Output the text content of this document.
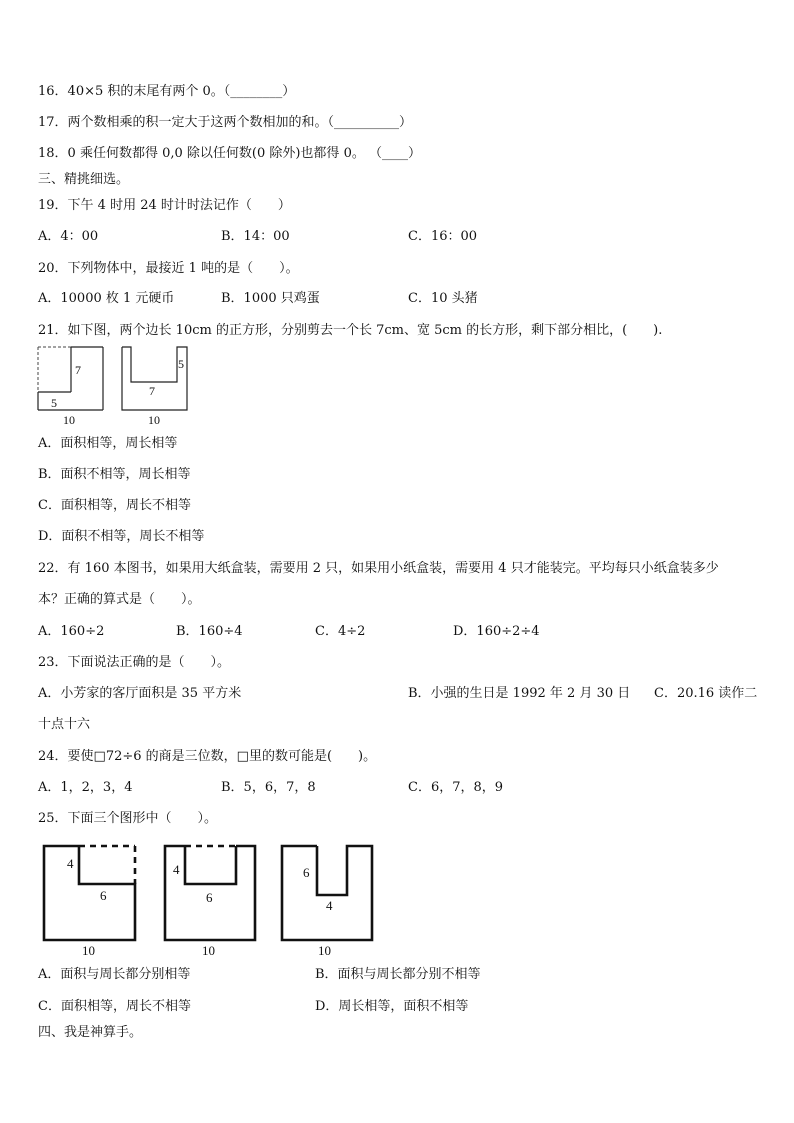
16．40×5 积的末尾有两个 0。（________）
17．两个数相乘的积一定大于这两个数相加的和。（__________）
18．0 乘任何数都得 0,0 除以任何数(0 除外)也都得 0。 （____）
三、精挑细选。
19．下午 4 时用 24 时计时法记作（　　）
A．4：00	B．14：00	C．16：00
20．下列物体中，最接近 1 吨的是（　　）。
A．10000 枚 1 元硬币	B．1000 只鸡蛋	C．10 头猪
21．如下图，两个边长 10cm 的正方形，分别剪去一个长 7cm、宽 5cm 的长方形，剩下部分相比，(　　).
7
5
10
5
7
10
A．面积相等，周长相等
B．面积不相等，周长相等
C．面积相等，周长不相等
D．面积不相等，周长不相等
22．有 160 本图书，如果用大纸盒装，需要用 2 只，如果用小纸盒装，需要用 4 只才能装完。平均每只小纸盒装多少
本？正确的算式是（　　）。
A．160÷2	B．160÷4	C．4÷2	D．160÷2÷4
23．下面说法正确的是（　　）。
A．小芳家的客厅面积是 35 平方米	B．小强的生日是 1992 年 2 月 30 日 C．20.16 读作二
十点十六
24．要使□72÷6 的商是三位数，□里的数可能是(　　)。
A．1，2，3，4	B．5，6，7，8	C．6，7，8，9
25．下面三个图形中（　　）。
4
6
10
4
6
10
6
4
10
A．面积与周长都分别相等	B．面积与周长都分别不相等
C．面积相等，周长不相等	D．周长相等，面积不相等
四、我是神算手。
